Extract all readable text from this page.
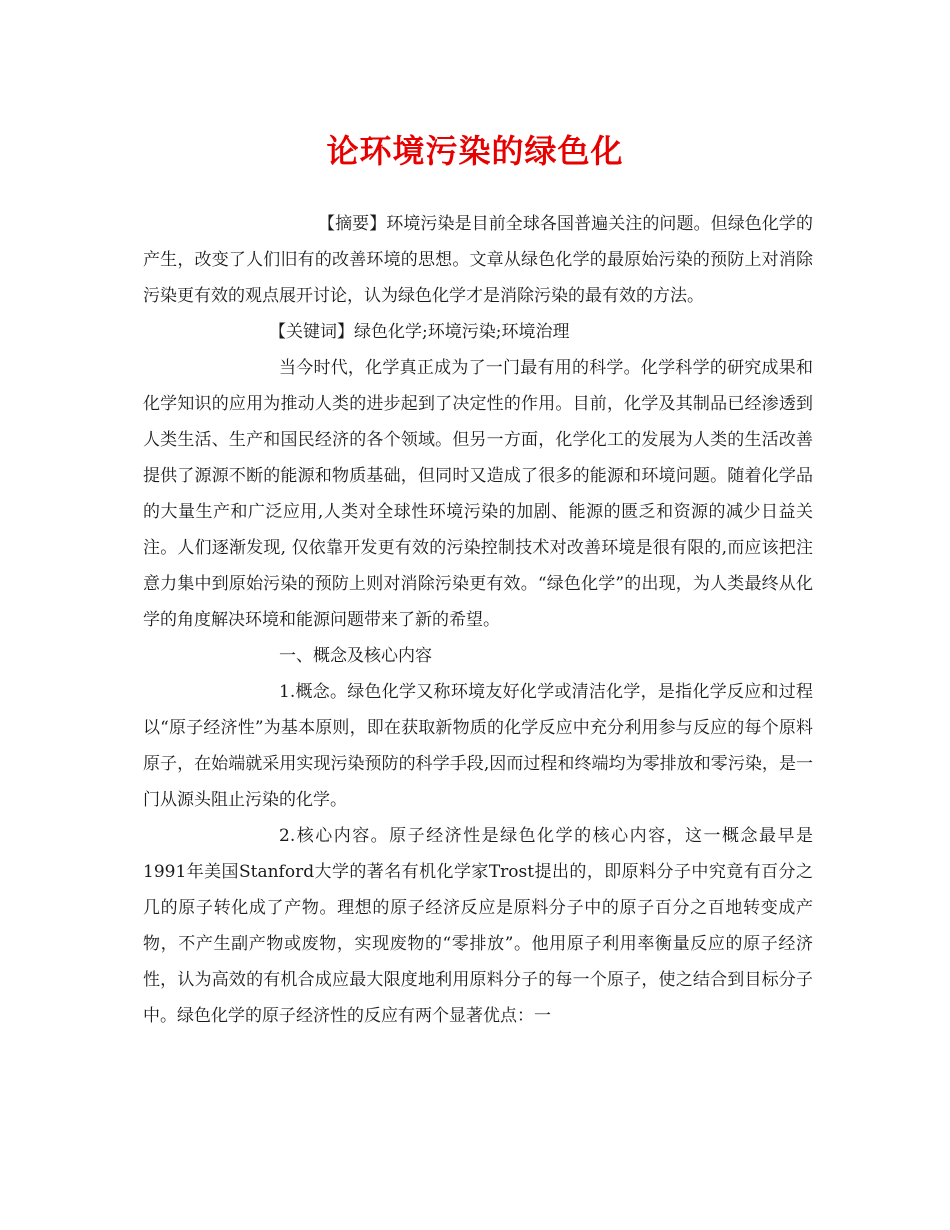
论环境污染的绿色化

【摘要】环境污染是目前全球各国普遍关注的问题。但绿色化学的产生，改变了人们旧有的改善环境的思想。文章从绿色化学的最原始污染的预防上对消除污染更有效的观点展开讨论，认为绿色化学才是消除污染的最有效的方法。

【关键词】绿色化学;环境污染;环境治理

当今时代，化学真正成为了一门最有用的科学。化学科学的研究成果和化学知识的应用为推动人类的进步起到了决定性的作用。目前，化学及其制品已经渗透到人类生活、生产和国民经济的各个领域。但另一方面，化学化工的发展为人类的生活改善提供了源源不断的能源和物质基础，但同时又造成了很多的能源和环境问题。随着化学品的大量生产和广泛应用,人类对全球性环境污染的加剧、能源的匮乏和资源的减少日益关注。人们逐渐发现, 仅依靠开发更有效的污染控制技术对改善环境是很有限的,而应该把注意力集中到原始污染的预防上则对消除污染更有效。“绿色化学”的出现，为人类最终从化学的角度解决环境和能源问题带来了新的希望。

一、概念及核心内容

1.概念。绿色化学又称环境友好化学或清洁化学，是指化学反应和过程以“原子经济性”为基本原则，即在获取新物质的化学反应中充分利用参与反应的每个原料原子，在始端就采用实现污染预防的科学手段,因而过程和终端均为零排放和零污染，是一门从源头阻止污染的化学。

2.核心内容。原子经济性是绿色化学的核心内容，这一概念最早是1991年美国Stanford大学的著名有机化学家Trost提出的，即原料分子中究竟有百分之几的原子转化成了产物。理想的原子经济反应是原料分子中的原子百分之百地转变成产物，不产生副产物或废物，实现废物的“零排放”。他用原子利用率衡量反应的原子经济性，认为高效的有机合成应最大限度地利用原料分子的每一个原子，使之结合到目标分子中。绿色化学的原子经济性的反应有两个显著优点：一
